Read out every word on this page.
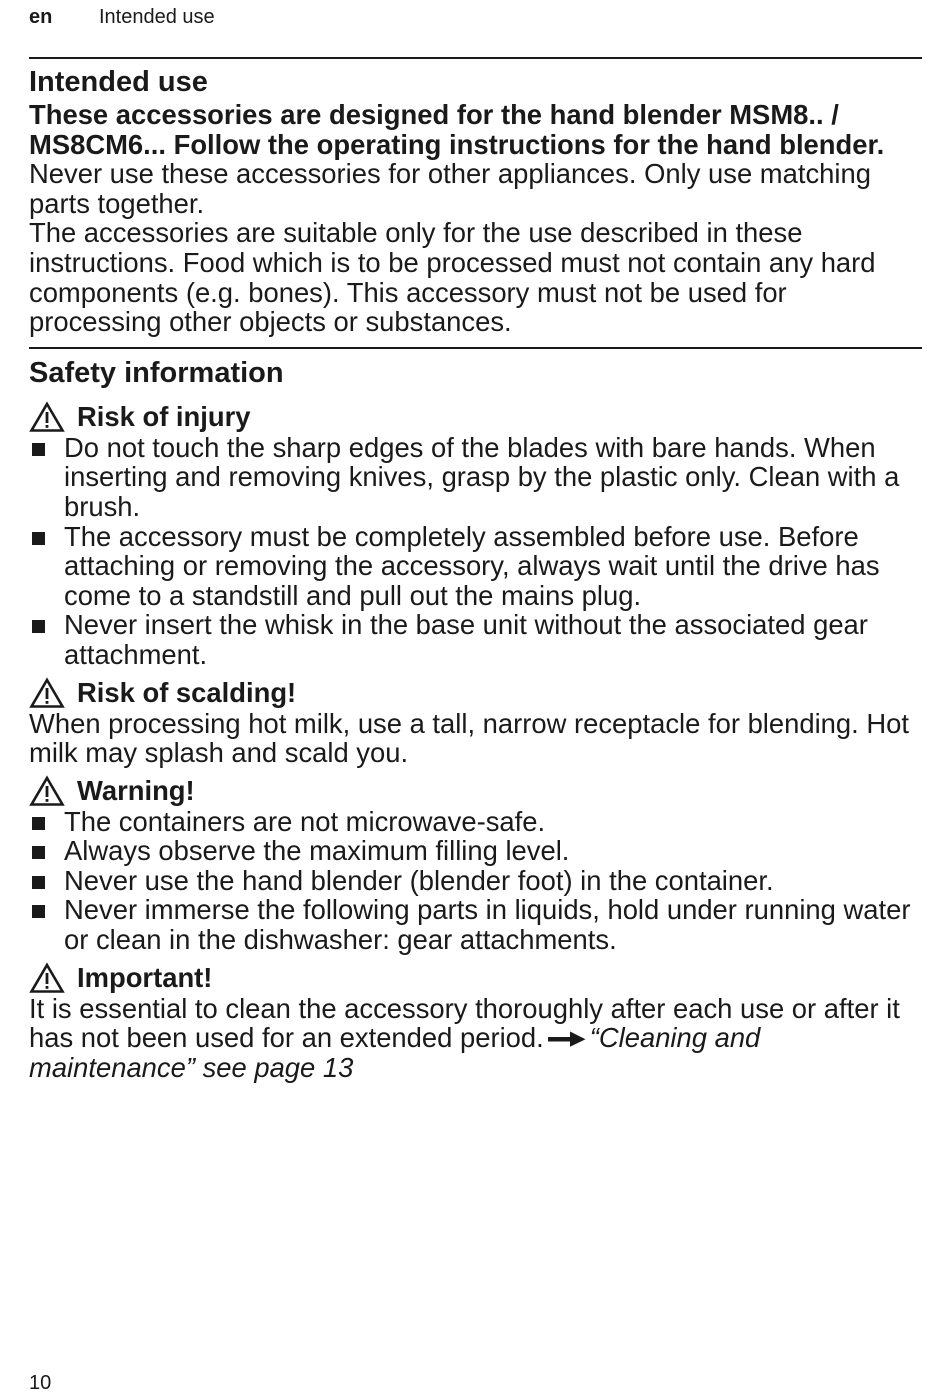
en Intended use
Intended use

These accessories are designed for the hand blender MSM8.. / MS8CM6... Follow the operating instructions for the hand blender.

Never use these accessories for other appliances. Only use matching parts together.

The accessories are suitable only for the use described in these instructions. Food which is to be processed must not contain any hard components (e.g. bones). This accessory must not be used for processing other objects or substances.

Safety information
Risk of injury
Do not touch the sharp edges of the blades with bare hands. When inserting and removing knives, grasp by the plastic only. Clean with a brush.
The accessory must be completely assembled before use. Before attaching or removing the accessory, always wait until the drive has come to a standstill and pull out the mains plug.
Never insert the whisk in the base unit without the associated gear attachment.
Risk of scalding!

When processing hot milk, use a tall, narrow receptacle for blending. Hot milk may splash and scald you.

Warning!
The containers are not microwave-safe.
Always observe the maximum filling level.
Never use the hand blender (blender foot) in the container.
Never immerse the following parts in liquids, hold under running water or clean in the dishwasher: gear attachments.
Important!

It is essential to clean the accessory thoroughly after each use or after it has not been used for an extended period. “Cleaning and maintenance” see page 13

10
